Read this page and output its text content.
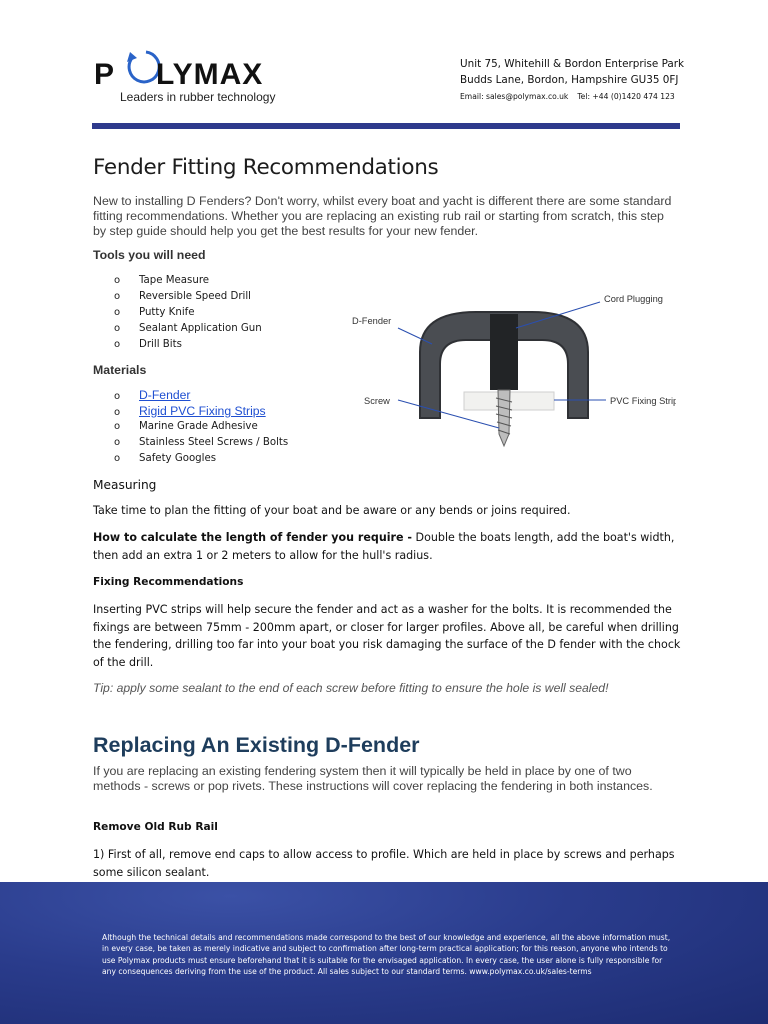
P LYMAX
Leaders in rubber technology
Unit 75, Whitehill & Bordon Enterprise Park
Budds Lane, Bordon, Hampshire GU35 0FJ
Email: sales@polymax.co.uk Tel: +44 (0)1420 474 123
Fender Fitting Recommendations

New to installing D Fenders? Don't worry, whilst every boat and yacht is different there are some standard fitting recommendations. Whether you are replacing an existing rub rail or starting from scratch, this step by step guide should help you get the best results for your new fender.

Tools you will need
o Tape Measure
o Reversible Speed Drill
o Putty Knife
o Sealant Application Gun
o Drill Bits
Materials
o D-Fender
o Rigid PVC Fixing Strips
o Marine Grade Adhesive
o Stainless Steel Screws / Bolts
o Safety Googles
D-Fender
Cord Plugging
Screw	PVC Fixing Strip
Measuring

Take time to plan the fitting of your boat and be aware or any bends or joins required.

How to calculate the length of fender you require - Double the boats length, add the boat's width, then add an extra 1 or 2 meters to allow for the hull's radius.

Fixing Recommendations

Inserting PVC strips will help secure the fender and act as a washer for the bolts. It is recommended the fixings are between 75mm - 200mm apart, or closer for larger profiles. Above all, be careful when drilling the fendering, drilling too far into your boat you risk damaging the surface of the D fender with the chock of the drill.

Tip: apply some sealant to the end of each screw before fitting to ensure the hole is well sealed!
Replacing An Existing D-Fender

If you are replacing an existing fendering system then it will typically be held in place by one of two methods - screws or pop rivets. These instructions will cover replacing the fendering in both instances.

Remove Old Rub Rail

1) First of all, remove end caps to allow access to profile. Which are held in place by screws and perhaps some silicon sealant.

Although the technical details and recommendations made correspond to the best of our knowledge and experience, all the above information must, in every case, be taken as merely indicative and subject to confirmation after long-term practical application; for this reason, anyone who intends to use Polymax products must ensure beforehand that it is suitable for the envisaged application. In every case, the user alone is fully responsible for any consequences deriving from the use of the product. All sales subject to our standard terms. www.polymax.co.uk/sales-terms
